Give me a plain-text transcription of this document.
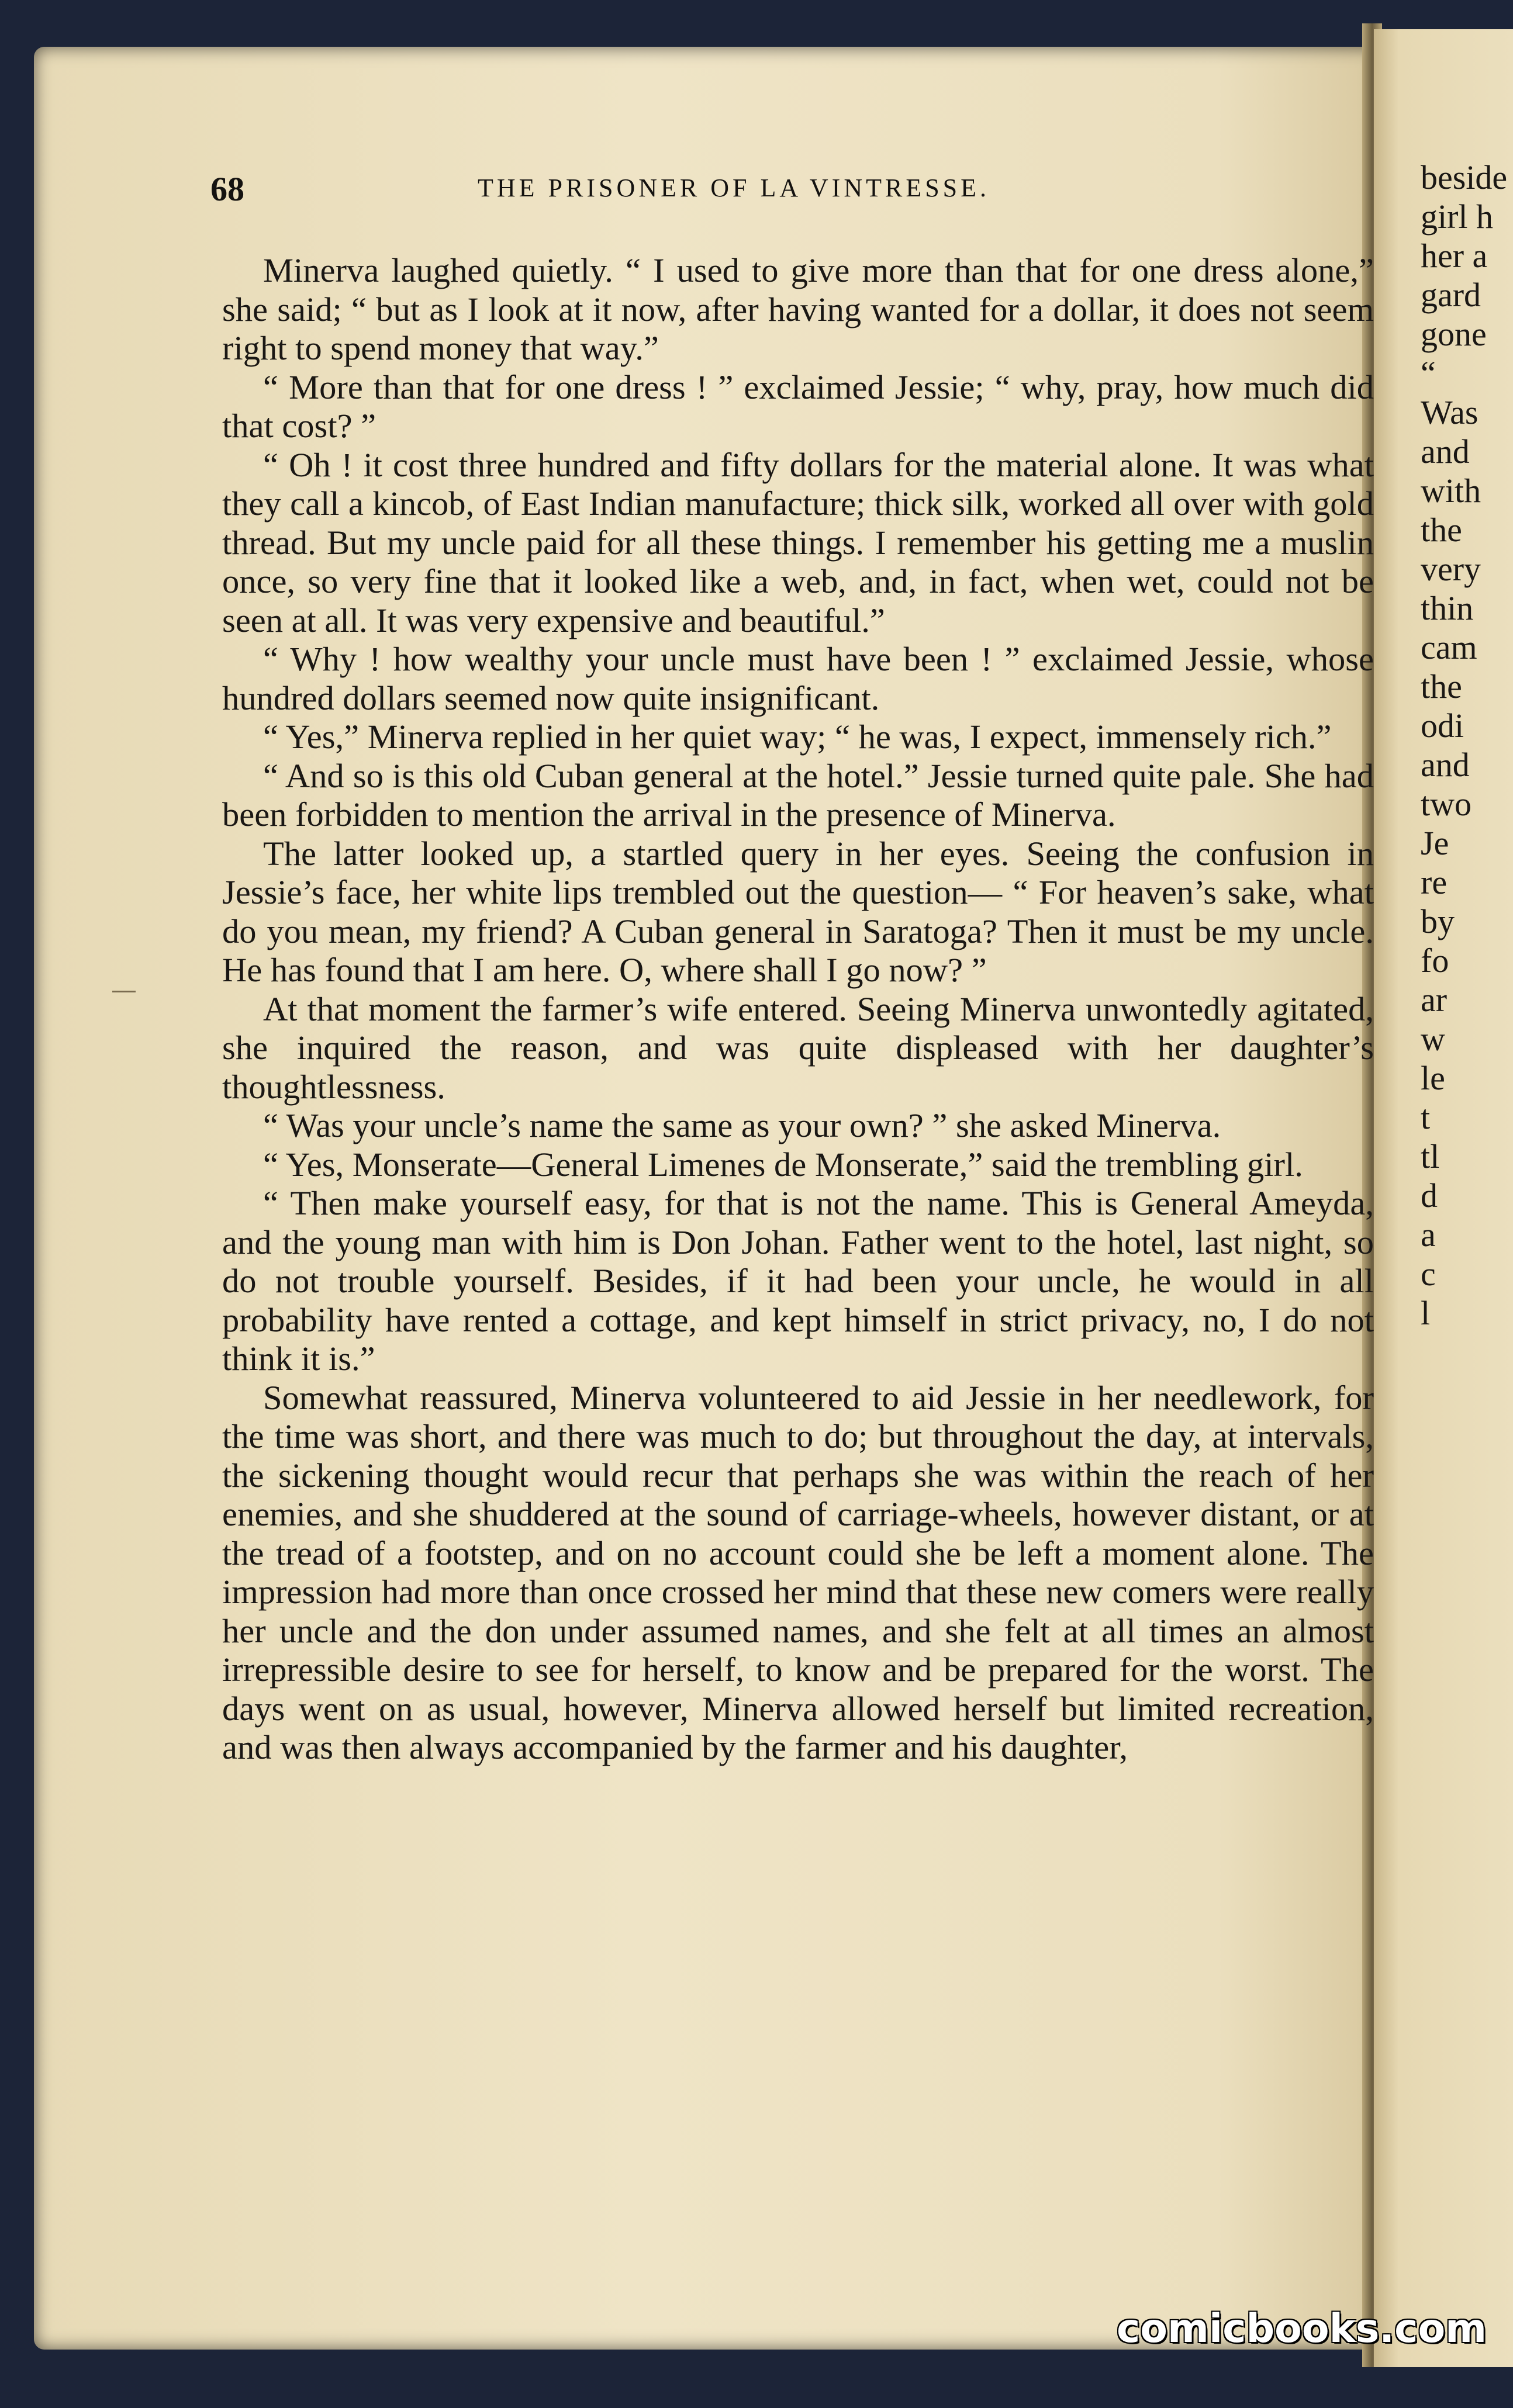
68	THE PRISONER OF LA VINTRESSE.

Minerva laughed quietly. “ I used to give more than that for one dress alone,” she said; “ but as I look at it now, after having wanted for a dollar, it does not seem right to spend money that way.”

“ More than that for one dress ! ” exclaimed Jessie; “ why, pray, how much did that cost? ”

“ Oh ! it cost three hundred and fifty dollars for the material alone. It was what they call a kincob, of East Indian manufacture; thick silk, worked all over with gold thread. But my uncle paid for all these things. I remember his getting me a muslin once, so very fine that it looked like a web, and, in fact, when wet, could not be seen at all. It was very expensive and beautiful.”

“ Why ! how wealthy your uncle must have been ! ” exclaimed Jessie, whose hundred dollars seemed now quite insignificant.

“ Yes,” Minerva replied in her quiet way; “ he was, I expect, immensely rich.”

“ And so is this old Cuban general at the hotel.” Jessie turned quite pale. She had been forbidden to mention the arrival in the presence of Minerva.

The latter looked up, a startled query in her eyes. Seeing the confusion in Jessie’s face, her white lips trembled out the question— “ For heaven’s sake, what do you mean, my friend? A Cuban general in Saratoga? Then it must be my uncle. He has found that I am here. O, where shall I go now? ”

At that moment the farmer’s wife entered. Seeing Minerva unwontedly agitated, she inquired the reason, and was quite displeased with her daughter’s thoughtlessness.

“ Was your uncle’s name the same as your own? ” she asked Minerva.

“ Yes, Monserate—General Limenes de Monserate,” said the trembling girl.

“ Then make yourself easy, for that is not the name. This is General Ameyda, and the young man with him is Don Johan. Father went to the hotel, last night, so do not trouble yourself. Besides, if it had been your uncle, he would in all probability have rented a cottage, and kept himself in strict privacy, no, I do not think it is.”

Somewhat reassured, Minerva volunteered to aid Jessie in her needlework, for the time was short, and there was much to do; but throughout the day, at intervals, the sickening thought would recur that perhaps she was within the reach of her enemies, and she shuddered at the sound of carriage-wheels, however distant, or at the tread of a footstep, and on no account could she be left a moment alone. The impression had more than once crossed her mind that these new comers were really her uncle and the don under assumed names, and she felt at all times an almost irrepressible desire to see for herself, to know and be prepared for the worst. The days went on as usual, however, Minerva allowed herself but limited recreation, and was then always accompanied by the farmer and his daughter,

beside
girl h
her a
gard
gone
“
Was
and
with
the
very
thin
cam
the
odi
and
two
Je
re
by
fo
ar
w
le
t
tl
d
a
c
l
comicbooks.com
